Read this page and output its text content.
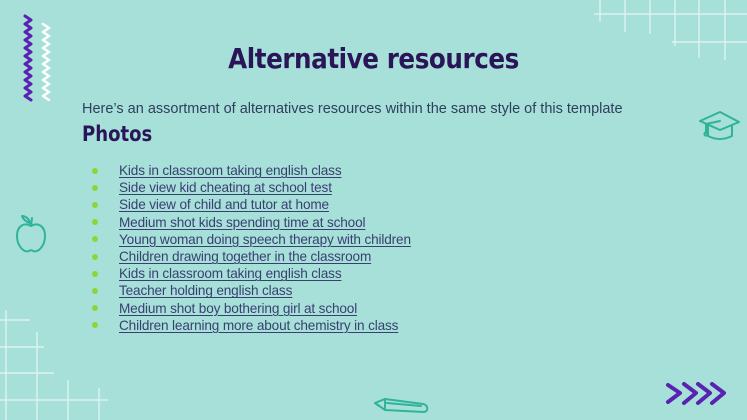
Alternative resources
Here’s an assortment of alternatives resources within the same style of this template
Photos
Kids in classroom taking english class
Side view kid cheating at school test
Side view of child and tutor at home
Medium shot kids spending time at school
Young woman doing speech therapy with children
Children drawing together in the classroom
Kids in classroom taking english class
Teacher holding english class
Medium shot boy bothering girl at school
Children learning more about chemistry in class
